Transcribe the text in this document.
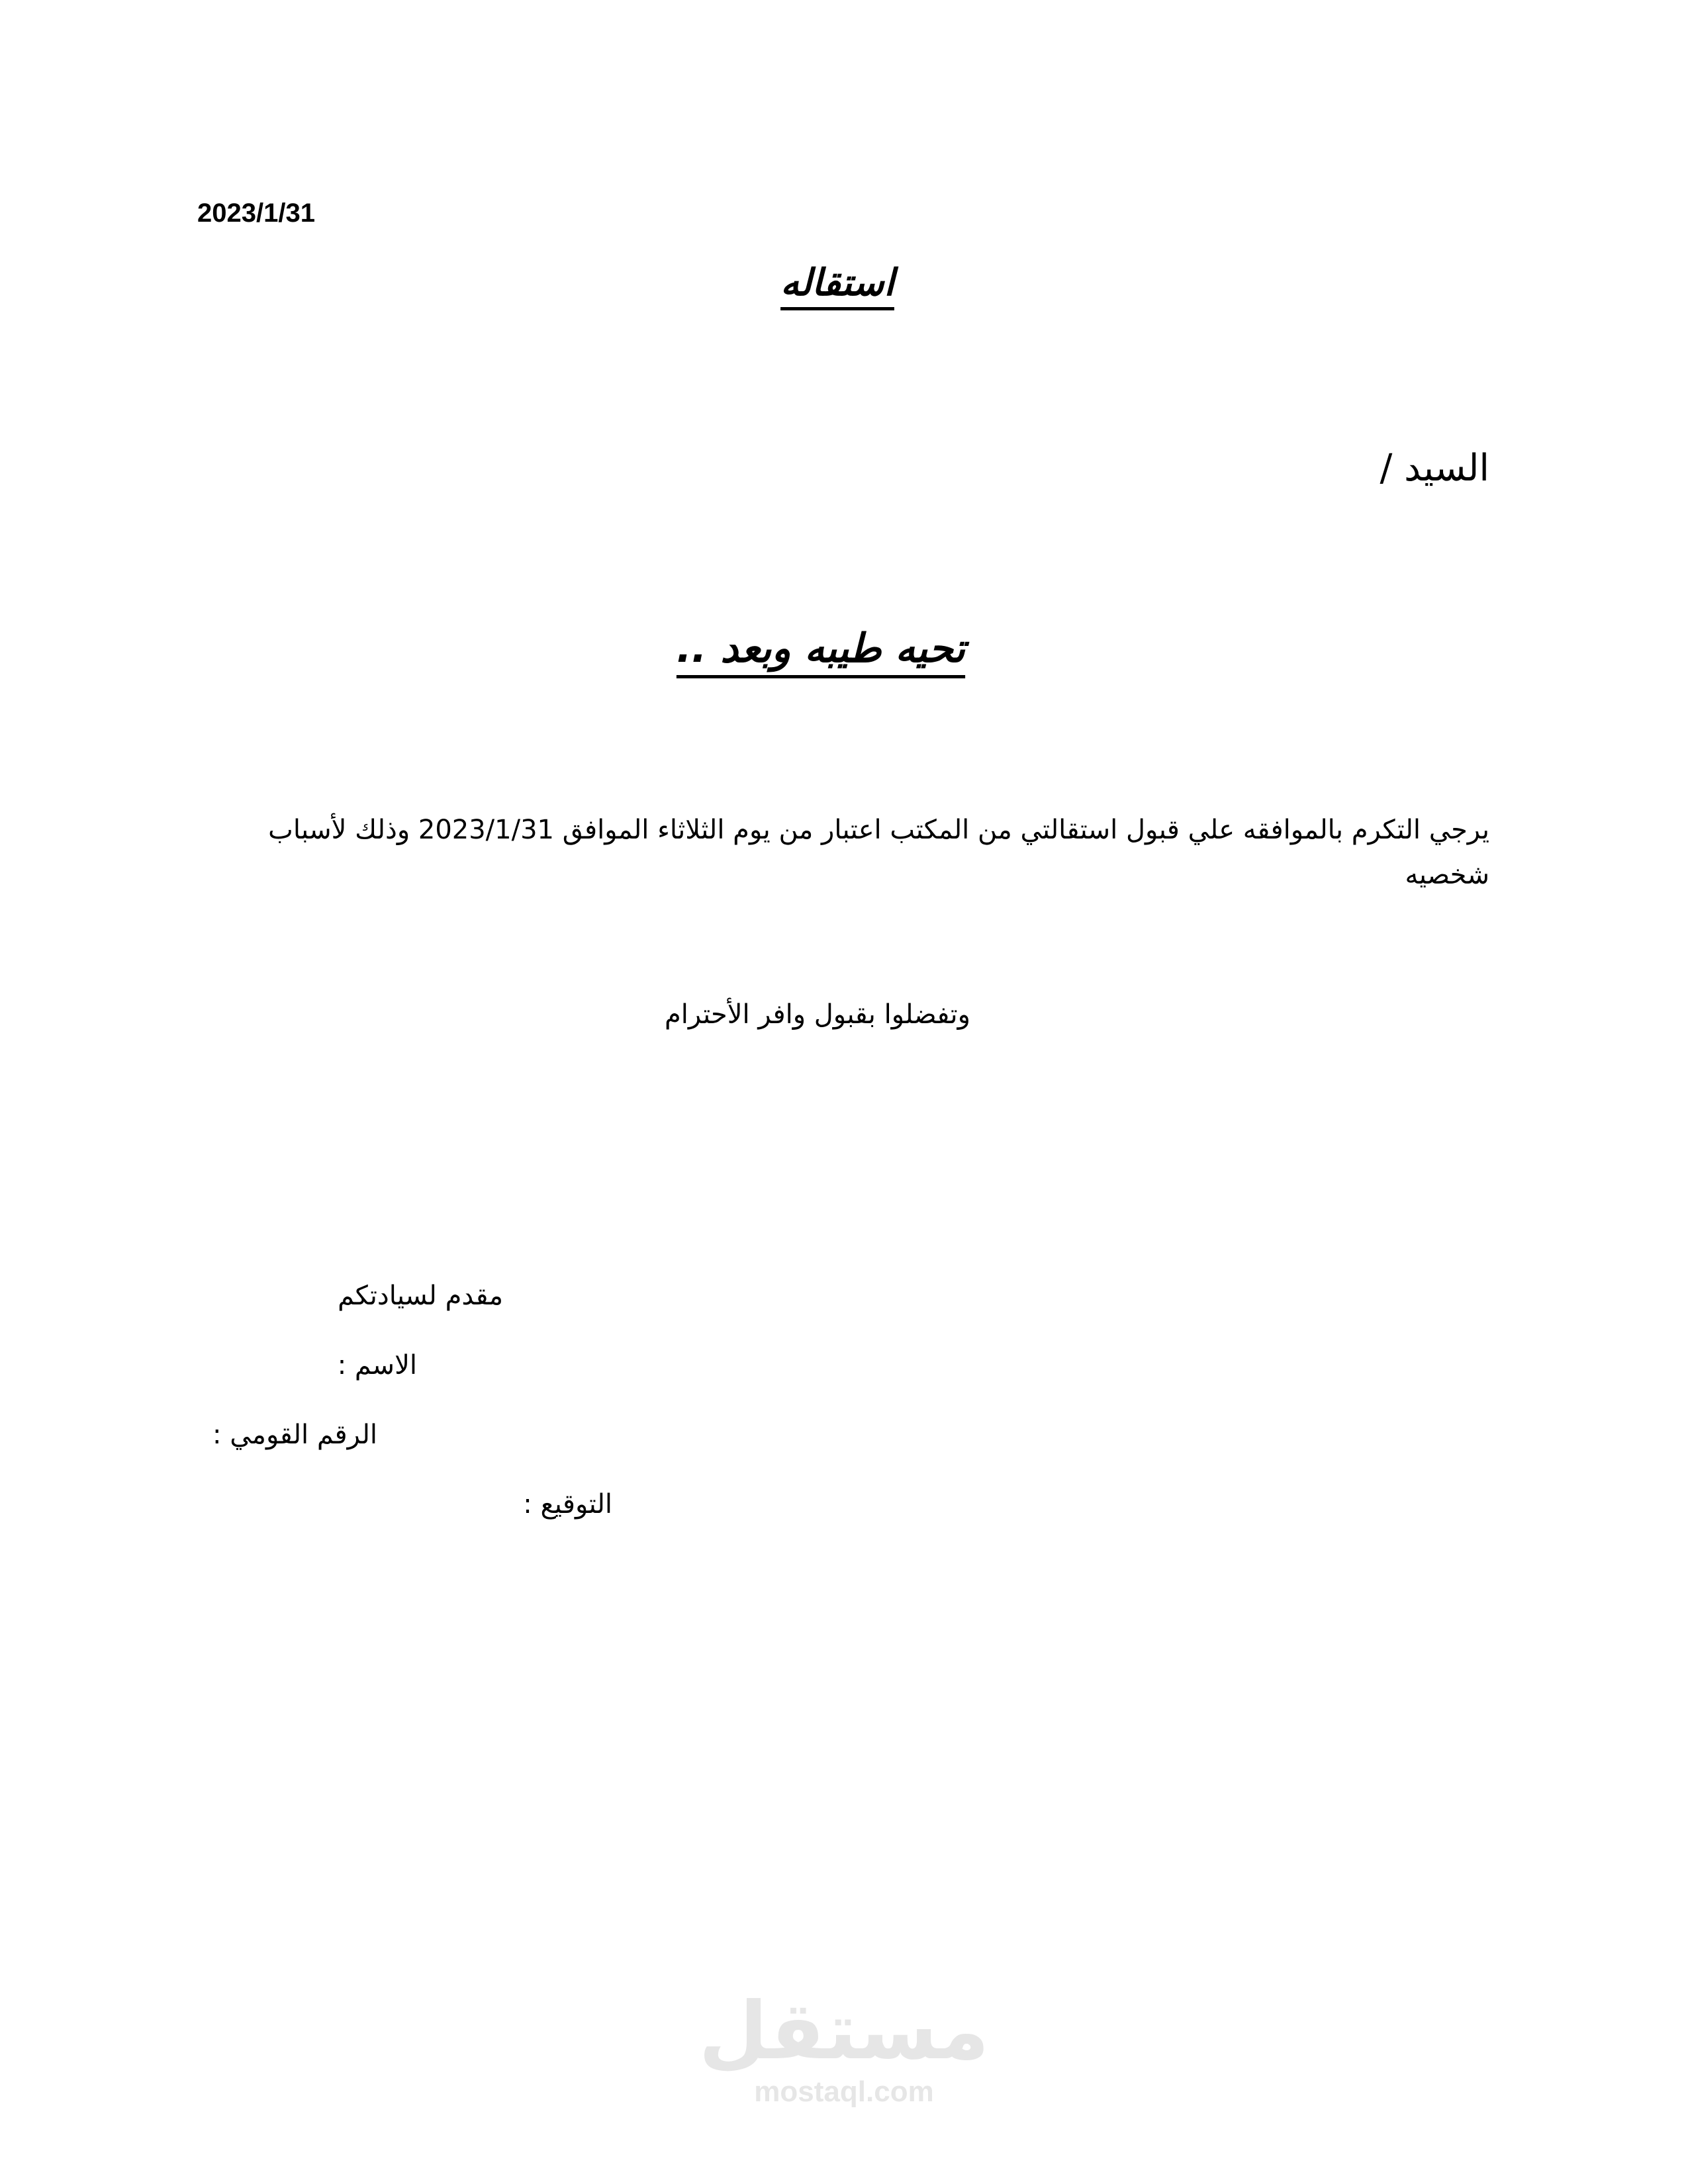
2023/1/31
استقاله
السيد /
تحيه طيبه وبعد ..
يرجي التكرم بالموافقه علي قبول استقالتي من المكتب اعتبار من يوم الثلاثاء الموافق 2023/1/31 وذلك لأسباب شخصيه
وتفضلوا بقبول وافر الأحترام
مقدم لسيادتكم
الاسم :
الرقم القومي :
التوقيع :
مستقل
mostaql.com
